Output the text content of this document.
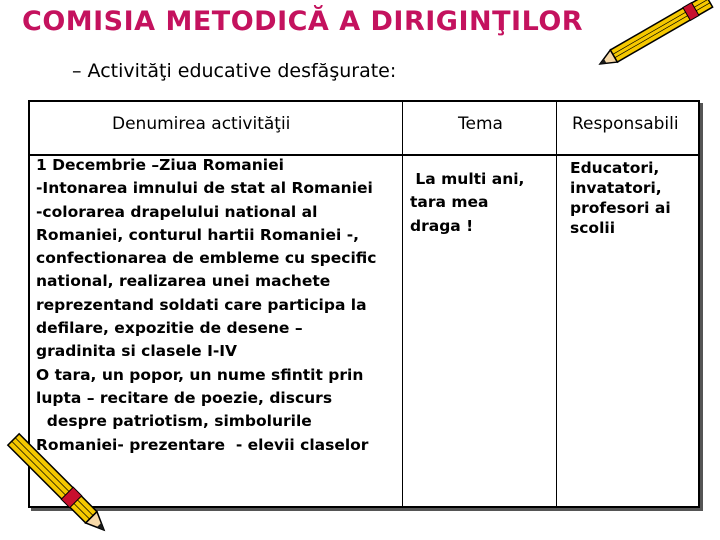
COMISIA METODICĂ A DIRIGINŢILOR
– Activităţi educative desfăşurate:
Denumirea activităţii	Tema	Responsabili
1 Decembrie –Ziua Romaniei
-Intonarea imnului de stat al Romaniei
-colorarea drapelului national al
Romaniei, conturul hartii Romaniei -,
confectionarea de embleme cu specific
national, realizarea unei machete
reprezentand soldati care participa la
defilare, expozitie de desene –
gradinita si clasele I-IV
O tara, un popor, un nume sfintit prin
lupta – recitare de poezie, discurs
despre patriotism, simbolurile
Romaniei- prezentare  - elevii claselor
La multi ani,
tara mea
draga !
Educatori,
invatatori,
profesori ai
scolii
